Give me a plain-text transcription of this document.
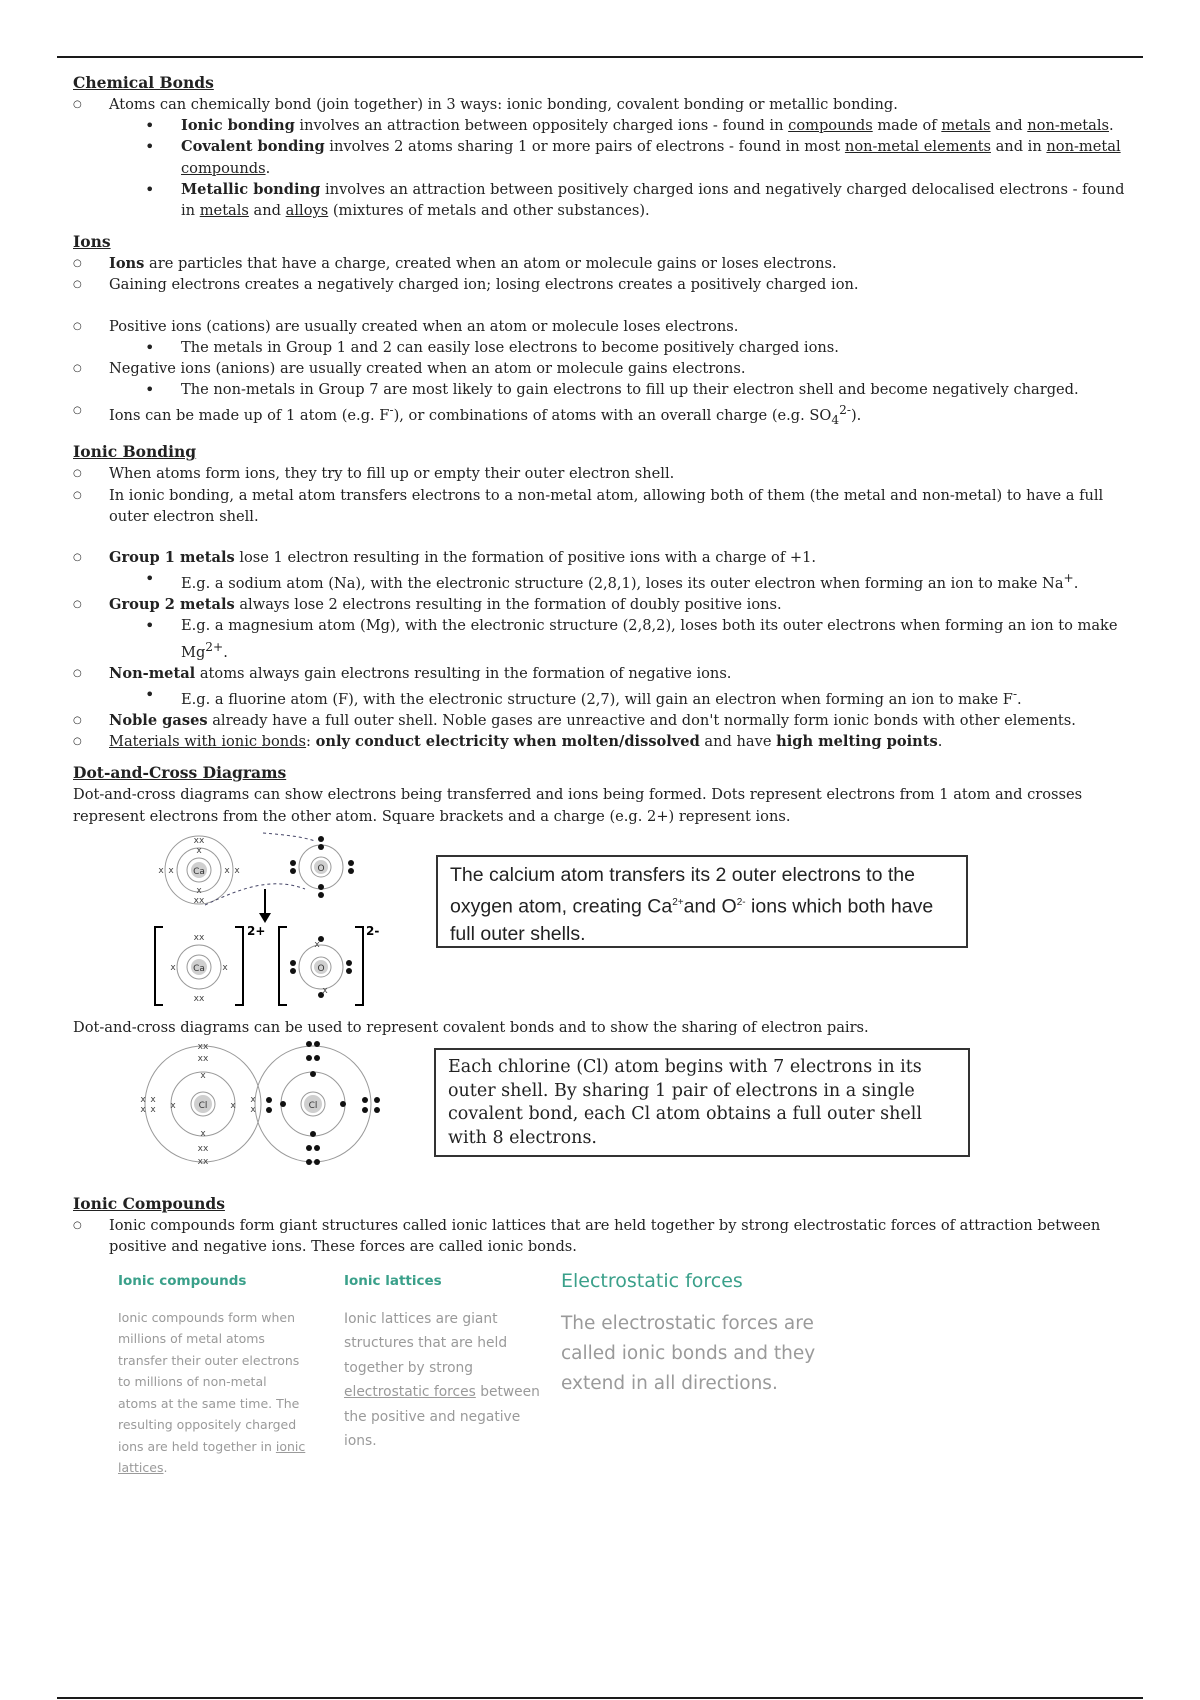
Chemical Bonds

○ Atoms can chemically bond (join together) in 3 ways: ionic bonding, covalent bonding or metallic bonding.
• Ionic bonding involves an attraction between oppositely charged ions - found in compounds made of metals and non-metals.
• Covalent bonding involves 2 atoms sharing 1 or more pairs of electrons - found in most non-metal elements and in non-metal compounds.
• Metallic bonding involves an attraction between positively charged ions and negatively charged delocalised electrons - found in metals and alloys (mixtures of metals and other substances).

Ions

○ Ions are particles that have a charge, created when an atom or molecule gains or loses electrons.
○ Gaining electrons creates a negatively charged ion; losing electrons creates a positively charged ion.
○ Positive ions (cations) are usually created when an atom or molecule loses electrons.
• The metals in Group 1 and 2 can easily lose electrons to become positively charged ions.
○ Negative ions (anions) are usually created when an atom or molecule gains electrons.
• The non-metals in Group 7 are most likely to gain electrons to fill up their electron shell and become negatively charged.
○ Ions can be made up of 1 atom (e.g. F-), or combinations of atoms with an overall charge (e.g. $SO_4^{2-}$).

Ionic Bonding

○ When atoms form ions, they try to fill up or empty their outer electron shell.
○ In ionic bonding, a metal atom transfers electrons to a non-metal atom, allowing both of them (the metal and non-metal) to have a full outer electron shell.
○ Group 1 metals lose 1 electron resulting in the formation of positive ions with a charge of +1.
• E.g. a sodium atom (Na), with the electronic structure (2,8,1), loses its outer electron when forming an ion to make Na+.
○ Group 2 metals always lose 2 electrons resulting in the formation of doubly positive ions.
• E.g. a magnesium atom (Mg), with the electronic structure (2,8,2), loses both its outer electrons when forming an ion to make $Mg^{2+}$.
○ Non-metal atoms always gain electrons resulting in the formation of negative ions.
• E.g. a fluorine atom (F), with the electronic structure (2,7), will gain an electron when forming an ion to make F-.
○ Noble gases already have a full outer shell. Noble gases are unreactive and don't normally form ionic bonds with other elements.
○ Materials with ionic bonds: only conduct electricity when molten/dissolved and have high melting points.

Dot-and-Cross Diagrams

Dot-and-cross diagrams can show electrons being transferred and ions being formed. Dots represent electrons from 1 atom and crosses represent electrons from the other atom. Square brackets and a charge (e.g. 2+) represent ions.

Ca
xx
x
x
xx
x	x
x	x	O
Ca
xx
xx
x	x
2+
O
x
x
2-
The calcium atom transfers its 2 outer electrons to the oxygen atom, creating $Ca^{2+}and$ $O^{2-}$ ions which both have full outer shells.

Dot-and-cross diagrams can be used to represent covalent bonds and to show the sharing of electron pairs.

Cl
xx
xx
x
x
xx
xx
x
x
x
x x	x
x
x	Cl
Each chlorine (Cl) atom begins with 7 electrons in its outer shell. By sharing 1 pair of electrons in a single covalent bond, each Cl atom obtains a full outer shell with 8 electrons.

Ionic Compounds

○ Ionic compounds form giant structures called ionic lattices that are held together by strong electrostatic forces of attraction between positive and negative ions. These forces are called ionic bonds.
Ionic compounds
Ionic compounds form when millions of metal atoms transfer their outer electrons to millions of non-metal atoms at the same time. The resulting oppositely charged ions are held together in ionic lattices.
Ionic lattices
Ionic lattices are giant structures that are held together by strong electrostatic forces between the positive and negative ions.
Electrostatic forces
The electrostatic forces are called ionic bonds and they extend in all directions.
